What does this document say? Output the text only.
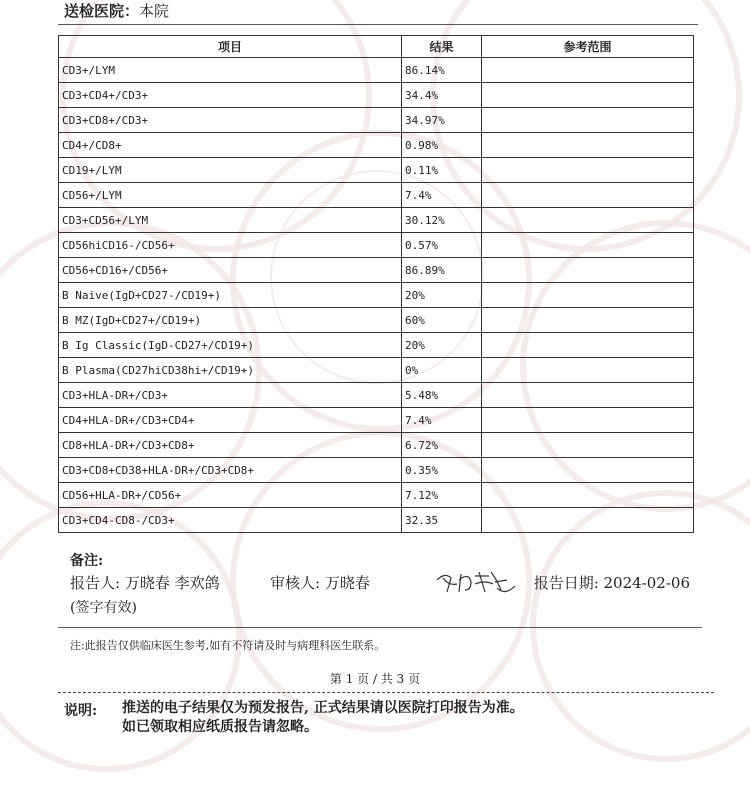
送检医院：本院
项目	结果	参考范围
CD3+/LYM	86.14%	
CD3+CD4+/CD3+	34.4%	
CD3+CD8+/CD3+	34.97%	
CD4+/CD8+	0.98%	
CD19+/LYM	0.11%	
CD56+/LYM	7.4%	
CD3+CD56+/LYM	30.12%	
CD56hiCD16-/CD56+	0.57%	
CD56+CD16+/CD56+	86.89%	
B Naive(IgD+CD27-/CD19+)	20%	
B MZ(IgD+CD27+/CD19+)	60%	
B Ig Classic(IgD-CD27+/CD19+)	20%	
B Plasma(CD27hiCD38hi+/CD19+)	0%	
CD3+HLA-DR+/CD3+	5.48%	
CD4+HLA-DR+/CD3+CD4+	7.4%	
CD8+HLA-DR+/CD3+CD8+	6.72%	
CD3+CD8+CD38+HLA-DR+/CD3+CD8+	0.35%	
CD56+HLA-DR+/CD56+	7.12%	
CD3+CD4-CD8-/CD3+	32.35	
备注:
报告人: 万晓春 李欢鸽	审核人: 万晓春	报告日期: 2024-02-06
(签字有效)
注:此报告仅供临床医生参考,如有不符请及时与病理科医生联系。
第 1 页 / 共 3 页
说明: 推送的电子结果仅为预发报告, 正式结果请以医院打印报告为准。
如已领取相应纸质报告请忽略。
